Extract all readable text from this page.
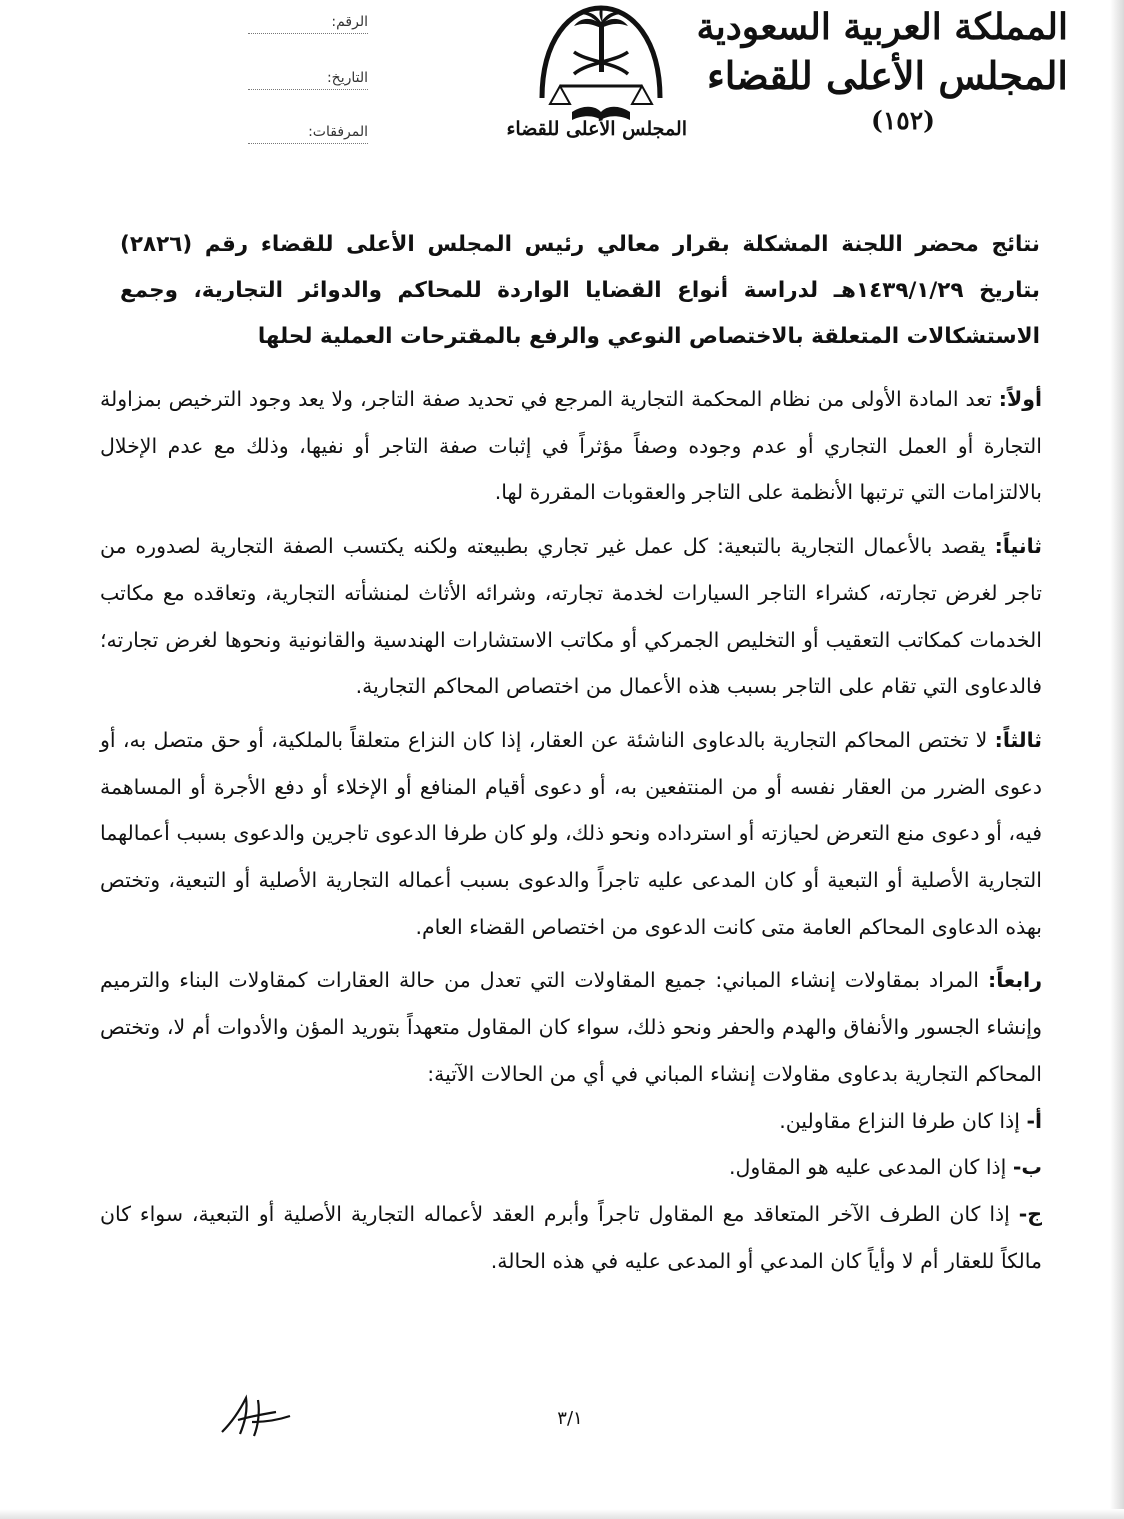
المملكة العربية السعودية
المجلس الأعلى للقضاء
(١٥٢)
المجلس الأعلى للقضاء
الرقم:
التاريخ:
المرفقات:
نتائج محضر اللجنة المشكلة بقرار معالي رئيس المجلس الأعلى للقضاء رقم (٢٨٢٦) بتاريخ ١٤٣٩/١/٢٩هـ لدراسة أنواع القضايا الواردة للمحاكم والدوائر التجارية، وجمع الاستشكالات المتعلقة بالاختصاص النوعي والرفع بالمقترحات العملية لحلها

أولاً: تعد المادة الأولى من نظام المحكمة التجارية المرجع في تحديد صفة التاجر، ولا يعد وجود الترخيص بمزاولة التجارة أو العمل التجاري أو عدم وجوده وصفاً مؤثراً في إثبات صفة التاجر أو نفيها، وذلك مع عدم الإخلال بالالتزامات التي ترتبها الأنظمة على التاجر والعقوبات المقررة لها.

ثانياً: يقصد بالأعمال التجارية بالتبعية: كل عمل غير تجاري بطبيعته ولكنه يكتسب الصفة التجارية لصدوره من تاجر لغرض تجارته، كشراء التاجر السيارات لخدمة تجارته، وشرائه الأثاث لمنشأته التجارية، وتعاقده مع مكاتب الخدمات كمكاتب التعقيب أو التخليص الجمركي أو مكاتب الاستشارات الهندسية والقانونية ونحوها لغرض تجارته؛ فالدعاوى التي تقام على التاجر بسبب هذه الأعمال من اختصاص المحاكم التجارية.

ثالثاً: لا تختص المحاكم التجارية بالدعاوى الناشئة عن العقار، إذا كان النزاع متعلقاً بالملكية، أو حق متصل به، أو دعوى الضرر من العقار نفسه أو من المنتفعين به، أو دعوى أقيام المنافع أو الإخلاء أو دفع الأجرة أو المساهمة فيه، أو دعوى منع التعرض لحيازته أو استرداده ونحو ذلك، ولو كان طرفا الدعوى تاجرين والدعوى بسبب أعمالهما التجارية الأصلية أو التبعية أو كان المدعى عليه تاجراً والدعوى بسبب أعماله التجارية الأصلية أو التبعية، وتختص بهذه الدعاوى المحاكم العامة متى كانت الدعوى من اختصاص القضاء العام.

رابعاً: المراد بمقاولات إنشاء المباني: جميع المقاولات التي تعدل من حالة العقارات كمقاولات البناء والترميم وإنشاء الجسور والأنفاق والهدم والحفر ونحو ذلك، سواء كان المقاول متعهداً بتوريد المؤن والأدوات أم لا، وتختص المحاكم التجارية بدعاوى مقاولات إنشاء المباني في أي من الحالات الآتية:

أ- إذا كان طرفا النزاع مقاولين.

ب- إذا كان المدعى عليه هو المقاول.

ج- إذا كان الطرف الآخر المتعاقد مع المقاول تاجراً وأبرم العقد لأعماله التجارية الأصلية أو التبعية، سواء كان مالكاً للعقار أم لا وأياً كان المدعي أو المدعى عليه في هذه الحالة.

٣/١
